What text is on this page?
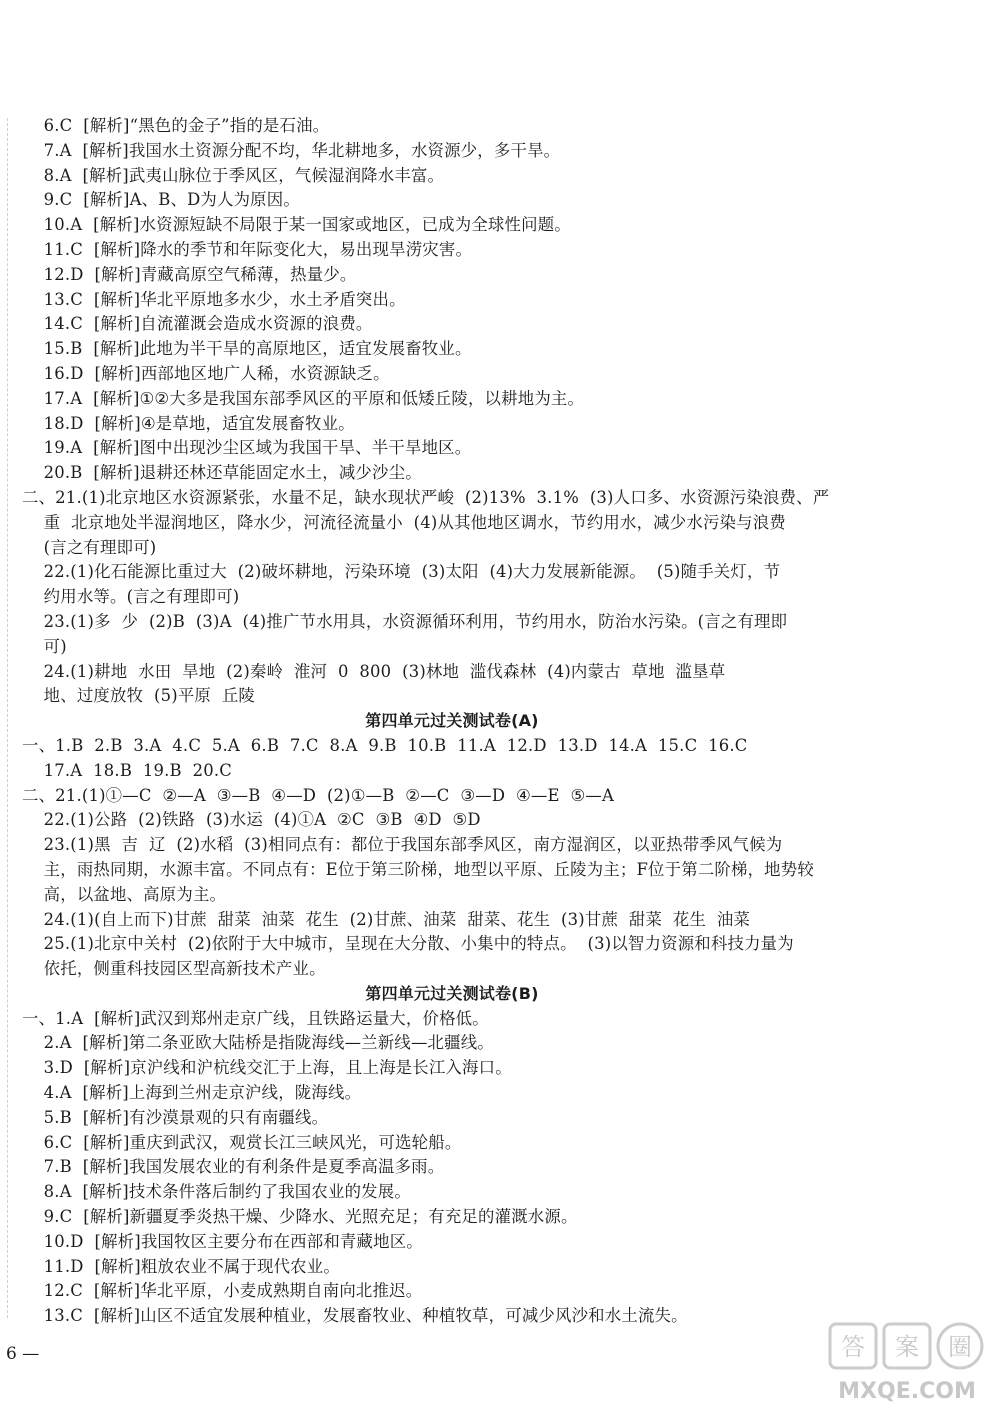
6.C  [解析]“黑色的金子”指的是石油。
7.A  [解析]我国水土资源分配不均，华北耕地多，水资源少，多干旱。
8.A  [解析]武夷山脉位于季风区，气候湿润降水丰富。
9.C  [解析]A、B、D为人为原因。
10.A  [解析]水资源短缺不局限于某一国家或地区，已成为全球性问题。
11.C  [解析]降水的季节和年际变化大，易出现旱涝灾害。
12.D  [解析]青藏高原空气稀薄，热量少。
13.C  [解析]华北平原地多水少，水土矛盾突出。
14.C  [解析]自流灌溉会造成水资源的浪费。
15.B  [解析]此地为半干旱的高原地区，适宜发展畜牧业。
16.D  [解析]西部地区地广人稀，水资源缺乏。
17.A  [解析]①②大多是我国东部季风区的平原和低矮丘陵，以耕地为主。
18.D  [解析]④是草地，适宜发展畜牧业。
19.A  [解析]图中出现沙尘区域为我国干旱、半干旱地区。
20.B  [解析]退耕还林还草能固定水土，减少沙尘。
二、21.(1)北京地区水资源紧张，水量不足，缺水现状严峻  (2)13%  3.1%  (3)人口多、水资源污染浪费、严
重  北京地处半湿润地区，降水少，河流径流量小  (4)从其他地区调水，节约用水，减少水污染与浪费
(言之有理即可)
22.(1)化石能源比重过大  (2)破坏耕地，污染环境  (3)太阳  (4)大力发展新能源。  (5)随手关灯，节
约用水等。(言之有理即可)
23.(1)多  少  (2)B  (3)A  (4)推广节水用具，水资源循环利用，节约用水，防治水污染。(言之有理即
可)
24.(1)耕地  水田  旱地  (2)秦岭  淮河  0  800  (3)林地  滥伐森林  (4)内蒙古  草地  滥垦草
地、过度放牧  (5)平原  丘陵
第四单元过关测试卷(A)
一、1.B  2.B  3.A  4.C  5.A  6.B  7.C  8.A  9.B  10.B  11.A  12.D  13.D  14.A  15.C  16.C
17.A  18.B  19.B  20.C
二、21.(1)①—C  ②—A  ③—B  ④—D  (2)①—B  ②—C  ③—D  ④—E  ⑤—A
22.(1)公路  (2)铁路  (3)水运  (4)①A  ②C  ③B  ④D  ⑤D
23.(1)黑  吉  辽  (2)水稻  (3)相同点有：都位于我国东部季风区，南方湿润区，以亚热带季风气候为
主，雨热同期，水源丰富。不同点有：E位于第三阶梯，地型以平原、丘陵为主；F位于第二阶梯，地势较
高，以盆地、高原为主。
24.(1)(自上而下)甘蔗  甜菜  油菜  花生  (2)甘蔗、油菜  甜菜、花生  (3)甘蔗  甜菜  花生  油菜
25.(1)北京中关村  (2)依附于大中城市，呈现在大分散、小集中的特点。  (3)以智力资源和科技力量为
依托，侧重科技园区型高新技术产业。
第四单元过关测试卷(B)
一、1.A  [解析]武汉到郑州走京广线，且铁路运量大，价格低。
2.A  [解析]第二条亚欧大陆桥是指陇海线—兰新线—北疆线。
3.D  [解析]京沪线和沪杭线交汇于上海，且上海是长江入海口。
4.A  [解析]上海到兰州走京沪线，陇海线。
5.B  [解析]有沙漠景观的只有南疆线。
6.C  [解析]重庆到武汉，观赏长江三峡风光，可选轮船。
7.B  [解析]我国发展农业的有利条件是夏季高温多雨。
8.A  [解析]技术条件落后制约了我国农业的发展。
9.C  [解析]新疆夏季炎热干燥、少降水、光照充足；有充足的灌溉水源。
10.D  [解析]我国牧区主要分布在西部和青藏地区。
11.D  [解析]粗放农业不属于现代农业。
12.C  [解析]华北平原，小麦成熟期自南向北推迟。
13.C  [解析]山区不适宜发展种植业，发展畜牧业、种植牧草，可减少风沙和水土流失。
6 —	答 案 圈
MXQE.COM
